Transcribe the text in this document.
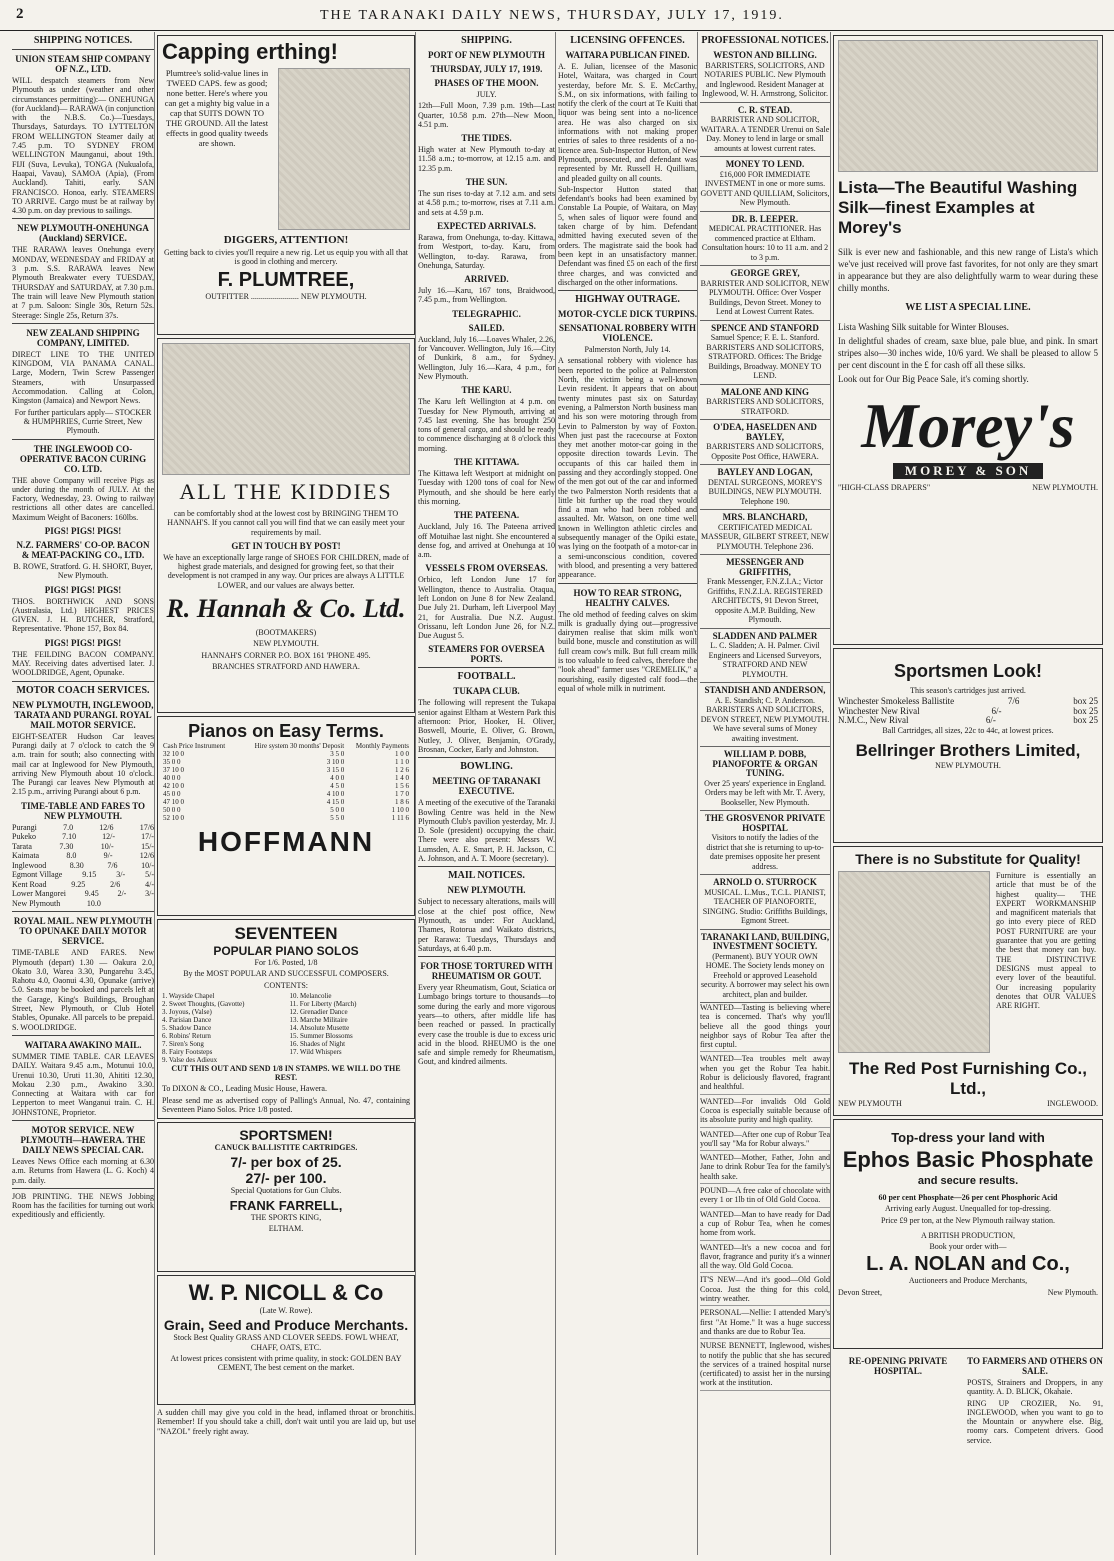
2	THE TARANAKI DAILY NEWS, THURSDAY, JULY 17, 1919.
SHIPPING NOTICES.
UNION STEAM SHIP COMPANY OF N.Z., LTD.

WILL despatch steamers from New Plymouth as under (weather and other circumstances permitting):— ONEHUNGA (for Auckland)— RARAWA (in conjunction with the N.B.S. Co.)—Tuesdays, Thursdays, Saturdays. TO LYTTELTON FROM WELLINGTON Steamer daily at 7.45 p.m. TO SYDNEY FROM WELLINGTON Maunganui, about 19th. FIJI (Suva, Levuka), TONGA (Nukualofa, Haapai, Vavau), SAMOA (Apia), (From Auckland). Tahiti, early. SAN FRANCISCO. Honoa, early. STEAMERS TO ARRIVE. Cargo must be at railway by 4.30 p.m. on day previous to sailings.

NEW PLYMOUTH-ONEHUNGA (Auckland) SERVICE.

THE RARAWA leaves Onehunga every MONDAY, WEDNESDAY and FRIDAY at 3 p.m. S.S. RARAWA leaves New Plymouth Breakwater every TUESDAY, THURSDAY and SATURDAY, at 7.30 p.m. The train will leave New Plymouth station at 7 p.m. Saloon: Single 30s, Return 52s. Steerage: Single 25s, Return 37s.

NEW ZEALAND SHIPPING COMPANY, LIMITED.

DIRECT LINE TO THE UNITED KINGDOM, VIA PANAMA CANAL. Large, Modern, Twin Screw Passenger Steamers, with Unsurpassed Accommodation. Calling at Colon, Kingston (Jamaica) and Newport News.

For further particulars apply— STOCKER & HUMPHRIES, Currie Street, New Plymouth.

THE INGLEWOOD CO-OPERATIVE BACON CURING CO. LTD.

THE above Company will receive Pigs as under during the month of JULY. At the Factory, Wednesday, 23. Owing to railway restrictions all other dates are cancelled. Maximum Weight of Baconers: 160lbs.

PIGS! PIGS! PIGS!
N.Z. FARMERS' CO-OP. BACON & MEAT-PACKING CO., LTD.

B. ROWE, Stratford. G. H. SHORT, Buyer, New Plymouth.

PIGS! PIGS! PIGS!

THOS. BORTHWICK AND SONS (Australasia, Ltd.) HIGHEST PRICES GIVEN. J. H. BUTCHER, Stratford, Representative. 'Phone 157, Box 84.

PIGS! PIGS! PIGS!

THE FEILDING BACON COMPANY. MAY. Receiving dates advertised later. J. WOOLDRIDGE, Agent, Opunake.

MOTOR COACH SERVICES.
NEW PLYMOUTH, INGLEWOOD, TARATA AND PURANGI. ROYAL MAIL MOTOR SERVICE.

EIGHT-SEATER Hudson Car leaves Purangi daily at 7 o'clock to catch the 9 a.m. train for south; also connecting with mail car at Inglewood for New Plymouth, arriving New Plymouth about 10 o'clock. The Purangi car leaves New Plymouth at 2.15 p.m., arriving Purangi about 6 p.m.

TIME-TABLE AND FARES TO NEW PLYMOUTH.
Purangi	7.0	12/6	17/6
Pukeko	7.10	12/-	17/-
Tarata	7.30	10/-	15/-
Kaimata	8.0	9/-	12/6
Inglewood	8.30	7/6	10/-
Egmont Village 9.15 3/- 5/-
Kent Road	9.25	2/6	4/-
Lower Mangorei 9.45 2/- 3/-
New Plymouth	10.0
ROYAL MAIL. NEW PLYMOUTH TO OPUNAKE DAILY MOTOR SERVICE.

TIME-TABLE AND FARES. New Plymouth (depart) 1.30 — Oakura 2.0, Okato 3.0, Warea 3.30, Pungarehu 3.45, Rahotu 4.0, Oaonui 4.30, Opunake (arrive) 5.0. Seats may be booked and parcels left at the Garage, King's Buildings, Broughan Street, New Plymouth, or Club Hotel Stables, Opunake. All parcels to be prepaid. S. WOOLDRIDGE.

WAITARA AWAKINO MAIL.

SUMMER TIME TABLE. CAR LEAVES DAILY. Waitara 9.45 a.m., Motunui 10.0, Urenui 10.30, Uruti 11.30, Ahititi 12.30, Mokau 2.30 p.m., Awakino 3.30. Connecting at Waitara with car for Lepperton to meet Wanganui train. C. H. JOHNSTONE, Proprietor.

MOTOR SERVICE. NEW PLYMOUTH—HAWERA. THE DAILY NEWS SPECIAL CAR.

Leaves News Office each morning at 6.30 a.m. Returns from Hawera (L. G. Koch) 4 p.m. daily.

JOB PRINTING. THE NEWS Jobbing Room has the facilities for turning out work expeditiously and efficiently.

Capping erthing!

Plumtree's solid-value lines in TWEED CAPS. few as good; none better. Here's where you can get a mighty big value in a cap that SUITS DOWN TO THE GROUND. All the latest effects in good quality tweeds are shown.

DIGGERS, ATTENTION!

Getting back to civies you'll require a new rig. Let us equip you with all that is good in clothing and mercery.

F. PLUMTREE,
OUTFITTER ........................ NEW PLYMOUTH.
ALL THE KIDDIES

can be comfortably shod at the lowest cost by BRINGING THEM TO HANNAH'S. If you cannot call you will find that we can easily meet your requirements by mail.

GET IN TOUCH BY POST!

We have an exceptionally large range of SHOES FOR CHILDREN, made of highest grade materials, and designed for growing feet, so that their development is not cramped in any way. Our prices are always A LITTLE LOWER, and our values are always better.

R. Hannah & Co. Ltd.
(BOOTMAKERS)
NEW PLYMOUTH.
HANNAH'S CORNER P.O. BOX 161 'PHONE 495.
BRANCHES STRATFORD AND HAWERA.
Pianos on Easy Terms.
Cash Price Instrument	Hire system 30 months' Deposit	Monthly Payments
32 10 0	3 5 0	1 0 0
35 0 0	3 10 0	1 1 0
37 10 0	3 15 0	1 2 6
40 0 0	4 0 0	1 4 0
42 10 0	4 5 0	1 5 6
45 0 0	4 10 0	1 7 0
47 10 0	4 15 0	1 8 6
50 0 0	5 0 0	1 10 0
52 10 0	5 5 0	1 11 6
HOFFMANN
SEVENTEEN
POPULAR PIANO SOLOS
For 1/6. Posted, 1/8
By the MOST POPULAR AND SUCCESSFUL COMPOSERS.
CONTENTS:
1. Wayside Chapel
2. Sweet Thoughts, (Gavotte)
3. Joyous, (Valse)
4. Parisian Dance
5. Shadow Dance
6. Robins' Return
7. Siren's Song
8. Fairy Footsteps
9. Valse des Adieux
10. Melancolie
11. For Liberty (March)
12. Grenadier Dance
13. Marche Militaire
14. Absolute Musette
15. Summer Blossoms
16. Shades of Night
17. Wild Whispers
CUT THIS OUT AND SEND 1/8 IN STAMPS. WE WILL DO THE REST.
To DIXON & CO., Leading Music House, Hawera.
Please send me as advertised copy of Palling's Annual, No. 47, containing Seventeen Piano Solos. Price 1/8 posted.
SPORTSMEN!
CANUCK BALLISTITE CARTRIDGES.
7/- per box of 25.
27/- per 100.
Special Quotations for Gun Clubs.
FRANK FARRELL,
THE SPORTS KING,
ELTHAM.
W. P. NICOLL & Co
(Late W. Rowe).
Grain, Seed and Produce Merchants.
Stock Best Quality GRASS AND CLOVER SEEDS. FOWL WHEAT, CHAFF, OATS, ETC.
At lowest prices consistent with prime quality, in stock: GOLDEN BAY CEMENT, The best cement on the market.

A sudden chill may give you cold in the head, inflamed throat or bronchitis. Remember! If you should take a chill, don't wait until you are laid up, but use "NAZOL" freely right away.

SHIPPING.
PORT OF NEW PLYMOUTH
THURSDAY, JULY 17, 1919.
PHASES OF THE MOON.
JULY.

12th—Full Moon, 7.39 p.m. 19th—Last Quarter, 10.58 p.m. 27th—New Moon, 4.51 p.m.

THE TIDES.

High water at New Plymouth to-day at 11.58 a.m.; to-morrow, at 12.15 a.m. and 12.35 p.m.

THE SUN.

The sun rises to-day at 7.12 a.m. and sets at 4.58 p.m.; to-morrow, rises at 7.11 a.m. and sets at 4.59 p.m.

EXPECTED ARRIVALS.

Rarawa, from Onehunga, to-day. Kittawa, from Westport, to-day. Karu, from Wellington, to-day. Rarawa, from Onehunga, Saturday.

ARRIVED.

July 16.—Karu, 167 tons, Braidwood, 7.45 p.m., from Wellington.

TELEGRAPHIC.
SAILED.

Auckland, July 16.—Loaves Whaler, 2.26, for Vancouver. Wellington, July 16.—City of Dunkirk, 8 a.m., for Sydney. Wellington, July 16.—Kara, 4 p.m., for New Plymouth.

THE KARU.

The Karu left Wellington at 4 p.m. on Tuesday for New Plymouth, arriving at 7.45 last evening. She has brought 250 tons of general cargo, and should be ready to commence discharging at 8 o'clock this morning.

THE KITTAWA.

The Kittawa left Westport at midnight on Tuesday with 1200 tons of coal for New Plymouth, and she should be here early this morning.

THE PATEENA.

Auckland, July 16. The Pateena arrived off Motuihae last night. She encountered a dense fog, and arrived at Onehunga at 10 a.m.

VESSELS FROM OVERSEAS.

Orbico, left London June 17 for Wellington, thence to Australia. Otaqua, left London on June 8 for New Zealand. Due July 21. Durham, left Liverpool May 21, for Australia. Due N.Z. August. Orissanu, left London June 26, for N.Z. Due August 5.

STEAMERS FOR OVERSEA PORTS.
FOOTBALL.
TUKAPA CLUB.

The following will represent the Tukapa senior against Eltham at Western Park this afternoon: Prior, Hooker, H. Oliver, Boswell, Mourie, E. Oliver, G. Brown, Nutley, J. Oliver, Benjamin, O'Grady, Brosnan, Cocker, Early and Johnston.

BOWLING.
MEETING OF TARANAKI EXECUTIVE.

A meeting of the executive of the Taranaki Bowling Centre was held in the New Plymouth Club's pavilion yesterday, Mr. J. D. Sole (president) occupying the chair. There were also present: Messrs W. Lumsden, A. E. Smart, P. H. Jackson, C. A. Johnson, and A. T. Moore (secretary).

MAIL NOTICES.
NEW PLYMOUTH.

Subject to necessary alterations, mails will close at the chief post office, New Plymouth, as under: For Auckland, Thames, Rotorua and Waikato districts, per Rarawa: Tuesdays, Thursdays and Saturdays, at 6.40 p.m.

FOR THOSE TORTURED WITH RHEUMATISM OR GOUT.

Every year Rheumatism, Gout, Sciatica or Lumbago brings torture to thousands—to some during the early and more vigorous years—to others, after middle life has been reached or passed. In practically every case the trouble is due to excess uric acid in the blood. RHEUMO is the one safe and simple remedy for Rheumatism, Gout, and kindred ailments.

LICENSING OFFENCES.
WAITARA PUBLICAN FINED.

A. E. Julian, licensee of the Masonic Hotel, Waitara, was charged in Court yesterday, before Mr. S. E. McCarthy, S.M., on six informations, with failing to notify the clerk of the court at Te Kuiti that liquor was being sent into a no-licence area. He was also charged on six informations with not making proper entries of sales to three residents of a no-licence area. Sub-Inspector Hutton, of New Plymouth, prosecuted, and defendant was represented by Mr. Russell H. Quilliam, and pleaded guilty on all counts.

Sub-Inspector Hutton stated that defendant's books had been examined by Constable La Poupie, of Waitara, on May 5, when sales of liquor were found and taken charge of by him. Defendant admitted having executed seven of the orders. The magistrate said the book had been kept in an unsatisfactory manner. Defendant was fined £5 on each of the first three charges, and was convicted and discharged on the other informations.

HIGHWAY OUTRAGE.
MOTOR-CYCLE DICK TURPINS.
SENSATIONAL ROBBERY WITH VIOLENCE.
Palmerston North, July 14.

A sensational robbery with violence has been reported to the police at Palmerston North, the victim being a well-known Levin resident. It appears that on about twenty minutes past six on Saturday evening, a Palmerston North business man and his son were motoring through from Levin to Palmerston by way of Foxton. When just past the racecourse at Foxton they met another motor-car going in the opposite direction towards Levin. The occupants of this car hailed them in passing and they accordingly stopped. One of the men got out of the car and informed the two Palmerston North residents that a little bit further up the road they would find a man who had been robbed and assaulted. Mr. Watson, on one time well known in Wellington athletic circles and subsequently manager of the Opiki estate, was lying on the footpath of a motor-car in a semi-unconscious condition, covered with blood, and presenting a very battered appearance.

HOW TO REAR STRONG, HEALTHY CALVES.

The old method of feeding calves on skim milk is gradually dying out—progressive dairymen realise that skim milk won't build bone, muscle and constitution as will full cream cow's milk. But full cream milk is too valuable to feed calves, therefore the "look ahead" farmer uses "CREMELIK," a nourishing, easily digested calf food—the equal of whole milk in nutriment.

PROFESSIONAL NOTICES.
WESTON AND BILLING.
BARRISTERS, SOLICITORS, AND NOTARIES PUBLIC. New Plymouth and Inglewood. Resident Manager at Inglewood, W. H. Armstrong, Solicitor.
C. R. STEAD.
BARRISTER AND SOLICITOR, WAITARA. A TENDER Urenui on Sale Day. Money to lend in large or small amounts at lowest current rates.
MONEY TO LEND.
£16,000 FOR IMMEDIATE INVESTMENT in one or more sums. GOVETT AND QUILLIAM, Solicitors, New Plymouth.
DR. B. LEEPER.
MEDICAL PRACTITIONER. Has commenced practice at Eltham. Consultation hours: 10 to 11 a.m. and 2 to 3 p.m.
GEORGE GREY,
BARRISTER AND SOLICITOR, NEW PLYMOUTH. Office: Over Vosper Buildings, Devon Street. Money to Lend at Lowest Current Rates.
SPENCE AND STANFORD
Samuel Spence; F. E. L. Stanford. BARRISTERS AND SOLICITORS, STRATFORD. Offices: The Bridge Buildings, Broadway. MONEY TO LEND.
MALONE AND KING
BARRISTERS AND SOLICITORS, STRATFORD.
O'DEA, HASELDEN AND BAYLEY,
BARRISTERS AND SOLICITORS, Opposite Post Office, HAWERA.
BAYLEY AND LOGAN,
DENTAL SURGEONS, MOREY'S BUILDINGS, NEW PLYMOUTH. Telephone 190.
MRS. BLANCHARD,
CERTIFICATED MEDICAL MASSEUR, GILBERT STREET, NEW PLYMOUTH. Telephone 236.
MESSENGER AND GRIFFITHS,
Frank Messenger, F.N.Z.I.A.; Victor Griffiths, F.N.Z.I.A. REGISTERED ARCHITECTS, 91 Devon Street, opposite A.M.P. Building, New Plymouth.
SLADDEN AND PALMER
L. C. Sladden; A. H. Palmer. Civil Engineers and Licensed Surveyors, STRATFORD AND NEW PLYMOUTH.
STANDISH AND ANDERSON,
A. E. Standish; C. P. Anderson. BARRISTERS AND SOLICITORS, DEVON STREET, NEW PLYMOUTH. We have several sums of Money awaiting investment.
WILLIAM P. DOBB, PIANOFORTE & ORGAN TUNING.
Over 25 years' experience in England. Orders may be left with Mr. T. Avery, Bookseller, New Plymouth.
THE GROSVENOR PRIVATE HOSPITAL
Visitors to notify the ladies of the district that she is returning to up-to-date premises opposite her present address.
ARNOLD O. STURROCK
MUSICAL. L.Mus., T.C.L. PIANIST, TEACHER OF PIANOFORTE, SINGING. Studio: Griffiths Buildings, Egmont Street.
TARANAKI LAND, BUILDING, INVESTMENT SOCIETY.
(Permanent). BUY YOUR OWN HOME. The Society lends money on Freehold or approved Leasehold security. A borrower may select his own architect, plan and builder.

WANTED—Tasting is believing where tea is concerned. That's why you'll believe all the good things your neighbor says of Robur Tea after the first cuptul.

WANTED—Tea troubles melt away when you get the Robur Tea habit. Robur is deliciously flavored, fragrant and healthful.

WANTED—For invalids Old Gold Cocoa is especially suitable because of its absolute purity and high quality.

WANTED—After one cup of Robur Tea you'll say "Ma for Robur always."

WANTED—Mother, Father, John and Jane to drink Robur Tea for the family's health sake.

POUND—A free cake of chocolate with every 1 or 1lb tin of Old Gold Cocoa.

WANTED—Man to have ready for Dad a cup of Robur Tea, when he comes home from work.

WANTED—It's a new cocoa and for flavor, fragrance and purity it's a winner all the way. Old Gold Cocoa.

IT'S NEW—And it's good—Old Gold Cocoa. Just the thing for this cold, wintry weather.

PERSONAL—Nellie: I attended Mary's first "At Home." It was a huge success and thanks are due to Robur Tea.

NURSE BENNETT, Inglewood, wishes to notify the public that she has secured the services of a trained hospital nurse (certificated) to assist her in the nursing work at the institution.

Lista—The Beautiful Washing
Silk—finest Examples at Morey's

Silk is ever new and fashionable, and this new range of Lista's which we've just received will prove fast favorites, for not only are they smart in appearance but they are also delightfully warm to wear during these chilly months.

WE LIST A SPECIAL LINE.

Lista Washing Silk suitable for Winter Blouses.

In delightful shades of cream, saxe blue, pale blue, and pink. In smart stripes also—30 inches wide, 10/6 yard. We shall be pleased to allow 5 per cent discount in the £ for cash off all these silks.

Look out for Our Big Peace Sale, it's coming shortly.

Morey's
MOREY & SON
"HIGH-CLASS DRAPERS"	NEW PLYMOUTH.
Sportsmen Look!
This season's cartridges just arrived.
Winchester Smokeless Ballistite	7/6	box 25
Winchester New Rival	6/-	box 25
N.M.C., New Rival	6/-	box 25
Ball Cartridges, all sizes, 22c to 44c, at lowest prices.
Bellringer Brothers Limited,
NEW PLYMOUTH.
There is no Substitute for Quality!

Furniture is essentially an article that must be of the highest quality— THE EXPERT WORKMANSHIP and magnificent materials that go into every piece of RED POST FURNITURE are your guarantee that you are getting the best that money can buy. THE DISTINCTIVE DESIGNS must appeal to every lover of the beautiful. Our increasing popularity denotes that OUR VALUES ARE RIGHT.

The Red Post Furnishing Co., Ltd.,
NEW PLYMOUTH	INGLEWOOD.
Top-dress your land with
Ephos Basic Phosphate
and secure results.
60 per cent Phosphate—26 per cent Phosphoric Acid
Arriving early August. Unequalled for top-dressing.
Price £9 per ton, at the New Plymouth railway station.
A BRITISH PRODUCTION,
Book your order with—
L. A. NOLAN and Co.,
Auctioneers and Produce Merchants,
Devon Street,	New Plymouth.
RE-OPENING PRIVATE HOSPITAL.
TO FARMERS AND OTHERS ON SALE.

POSTS, Strainers and Droppers, in any quantity. A. D. BLICK, Okahaie.

RING UP CROZIER, No. 91, INGLEWOOD, when you want to go to the Mountain or anywhere else. Big, roomy cars. Competent drivers. Good service.
